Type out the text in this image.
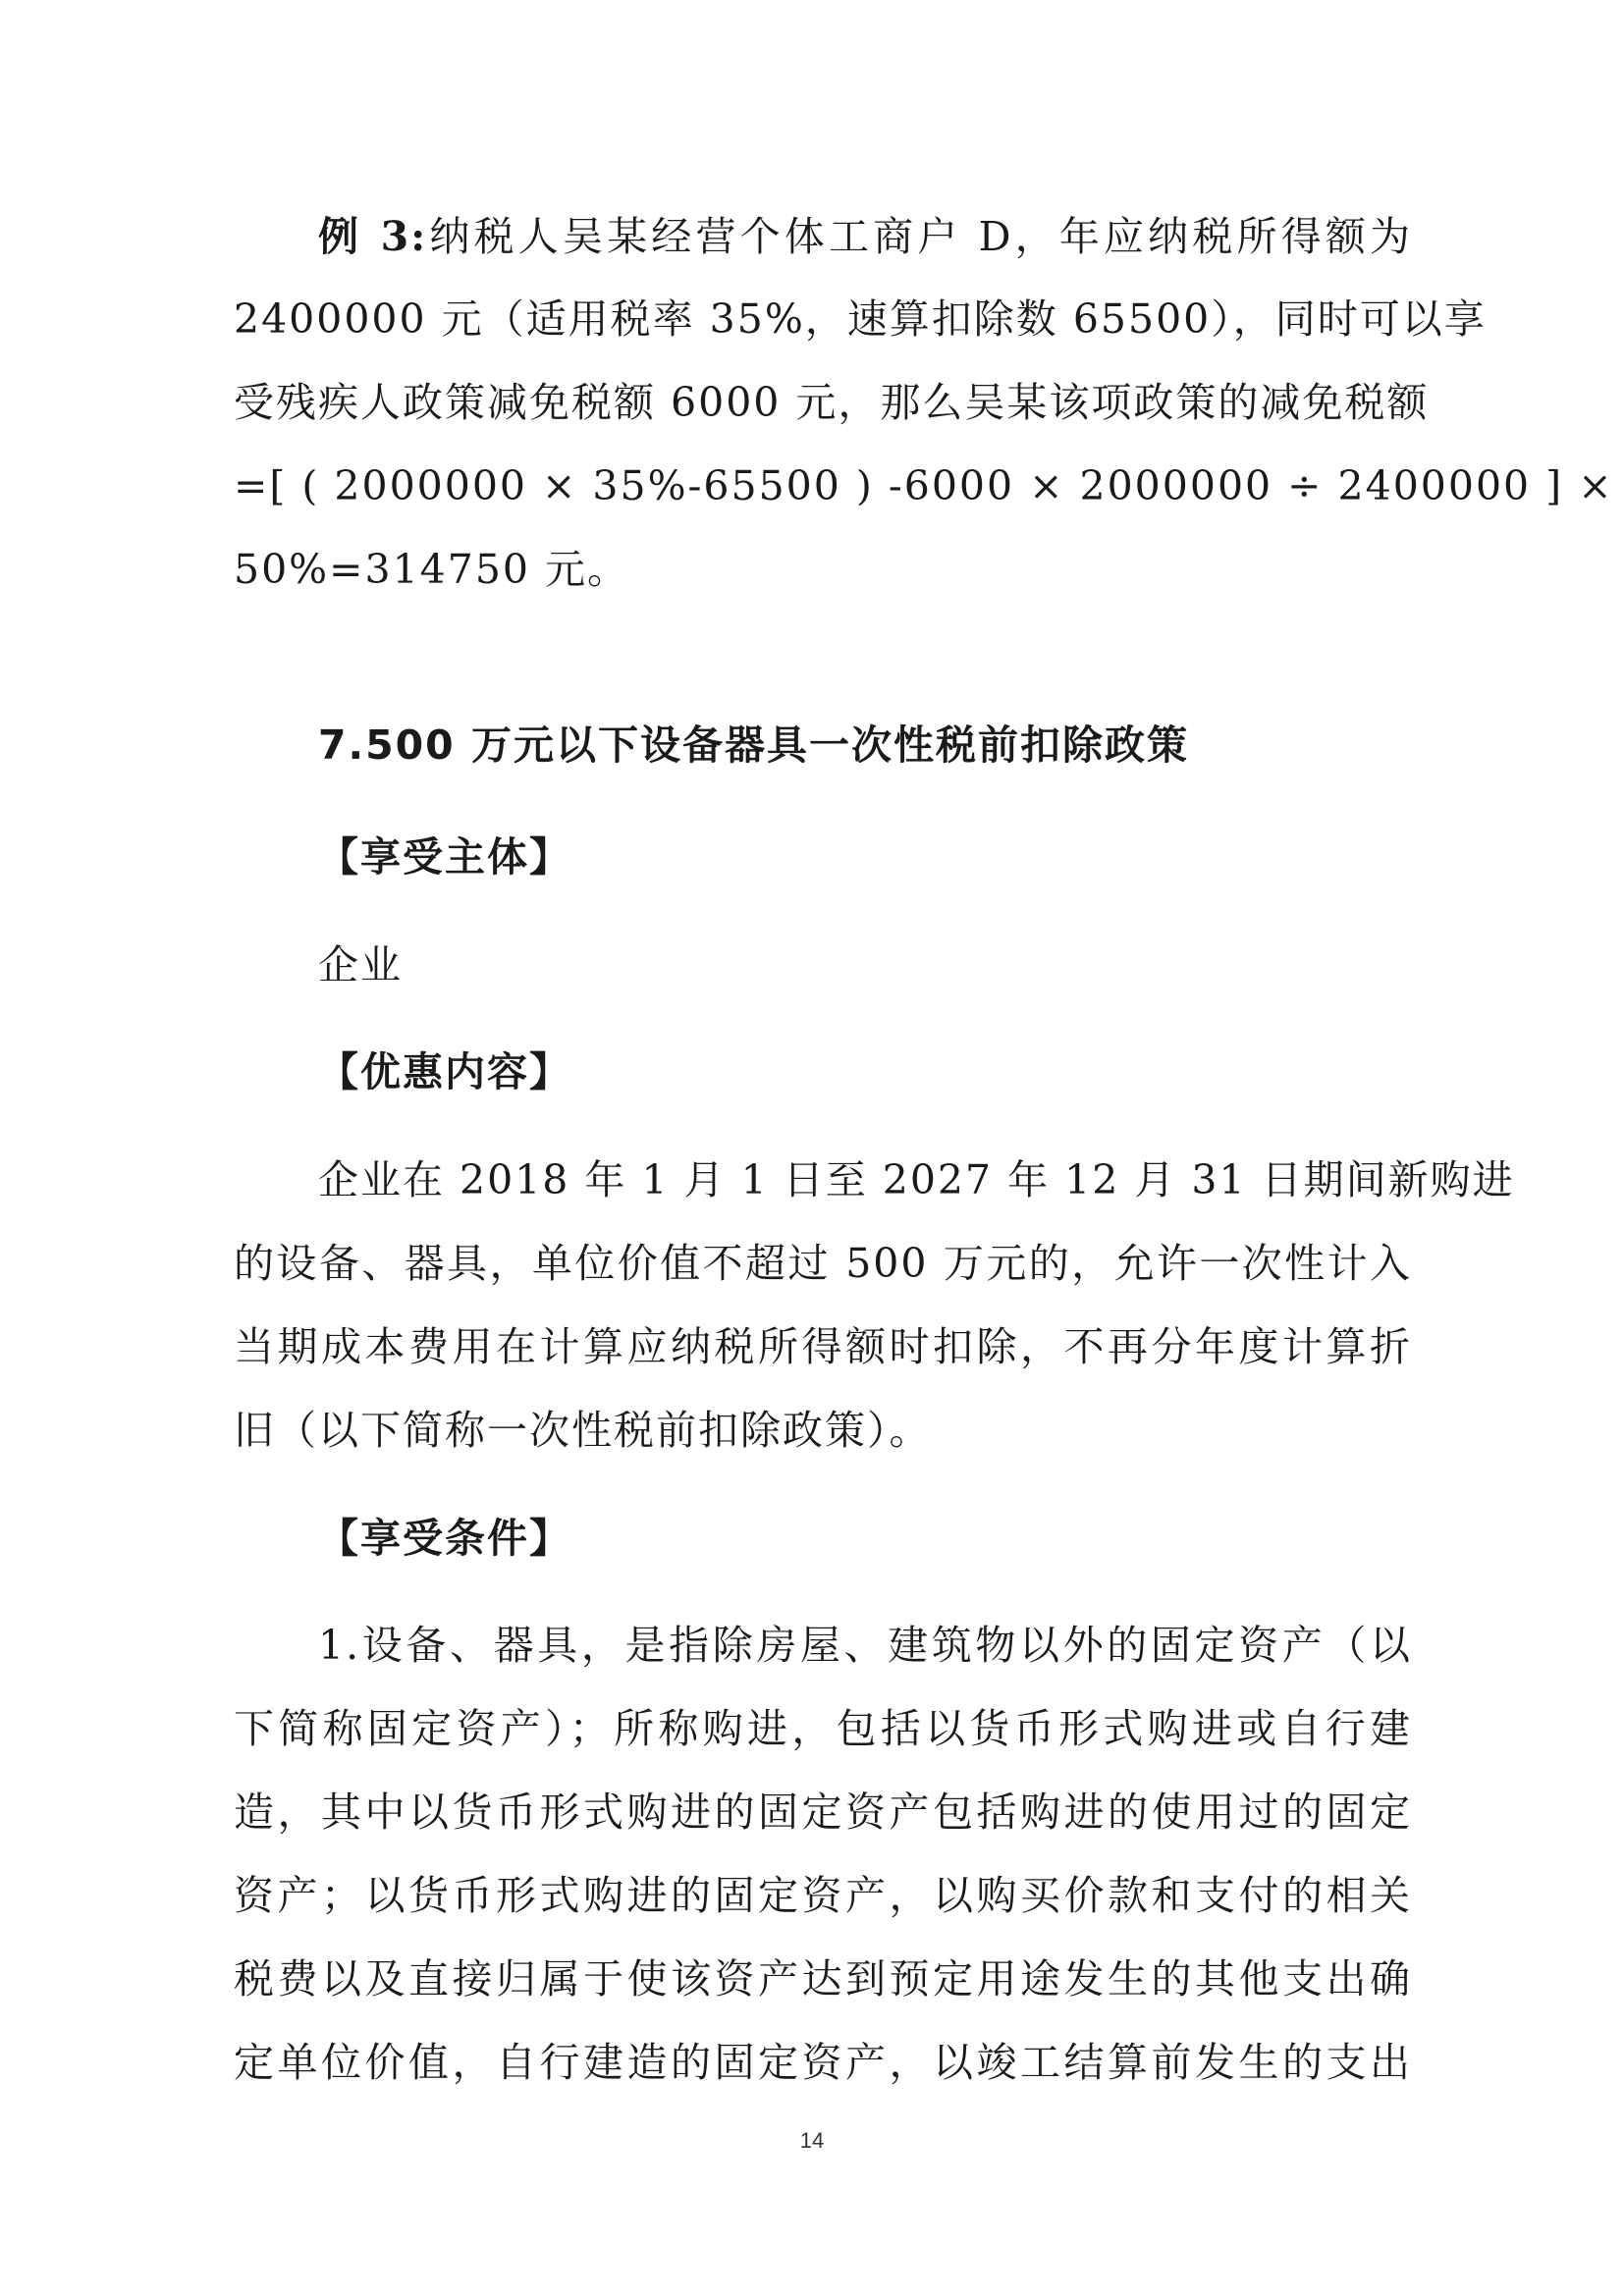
例 3:纳税人吴某经营个体工商户 D，年应纳税所得额为
2400000 元（适用税率 35%，速算扣除数 65500），同时可以享
受残疾人政策减免税额 6000 元，那么吴某该项政策的减免税额
=[ ( 2000000 × 35%-65500 ) -6000 × 2000000 ÷ 2400000 ] ×
50%=314750 元。
7.500 万元以下设备器具一次性税前扣除政策
【享受主体】
企业
【优惠内容】
企业在 2018 年 1 月 1 日至 2027 年 12 月 31 日期间新购进
的设备、器具，单位价值不超过 500 万元的，允许一次性计入
当期成本费用在计算应纳税所得额时扣除，不再分年度计算折
旧（以下简称一次性税前扣除政策）。
【享受条件】
1.设备、器具，是指除房屋、建筑物以外的固定资产（以
下简称固定资产）；所称购进，包括以货币形式购进或自行建
造，其中以货币形式购进的固定资产包括购进的使用过的固定
资产；以货币形式购进的固定资产，以购买价款和支付的相关
税费以及直接归属于使该资产达到预定用途发生的其他支出确
定单位价值，自行建造的固定资产，以竣工结算前发生的支出
14
